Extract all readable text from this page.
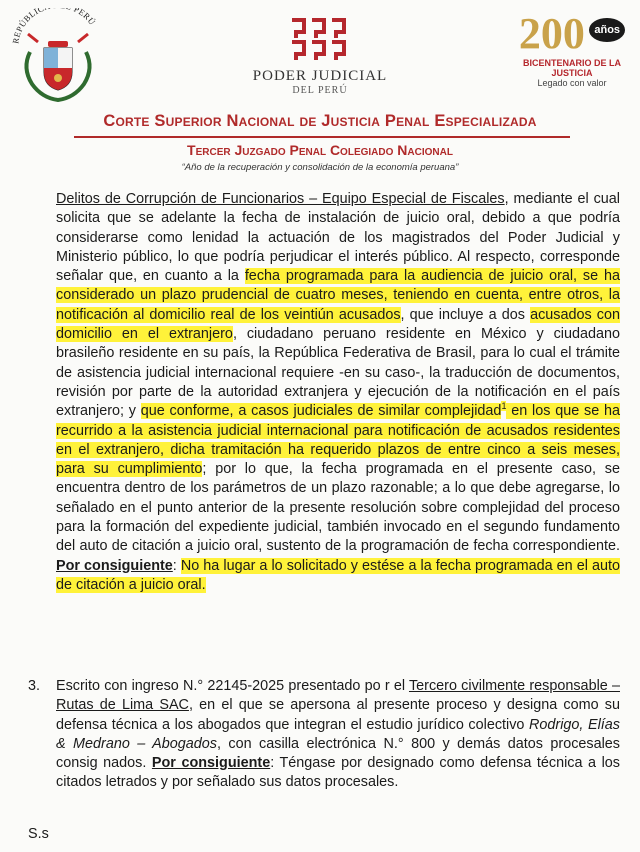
REPÚBLIC PERÚ
PODER JUDICIAL
DEL PERÚ
200 años
BICENTENARIO DE LA JUSTICIA
Legado con valor
Corte Superior Nacional de Justicia Penal Especializada
Tercer Juzgado Penal Colegiado Nacional
“Año de la recuperación y consolidación de la economía peruana”

Delitos de Corrupción de Funcionarios – Equipo Especial de Fiscales, mediante el cual solicita que se adelante la fecha de instalación de juicio oral, debido a que podría considerarse como lenidad la actuación de los magistrados del Poder Judicial y Ministerio público, lo que podría perjudicar el interés público. Al respecto, corresponde señalar que, en cuanto a la fecha programada para la audiencia de juicio oral, se ha considerado un plazo prudencial de cuatro meses, teniendo en cuenta, entre otros, la notificación al domicilio real de los veintiún acusados, que incluye a dos acusados con domicilio en el extranjero, ciudadano peruano residente en México y ciudadano brasileño residente en su país, la República Federativa de Brasil, para lo cual el trámite de asistencia judicial internacional requiere -en su caso-, la traducción de documentos, revisión por parte de la autoridad extranjera y ejecución de la notificación en el país extranjero; y que conforme, a casos judiciales de similar complejidad$^1$ en los que se ha recurrido a la asistencia judicial internacional para notificación de acusados residentes en el extranjero, dicha tramitación ha requerido plazos de entre cinco a seis meses, para su cumplimiento; por lo que, la fecha programada en el presente caso, se encuentra dentro de los parámetros de un plazo razonable; a lo que debe agregarse, lo señalado en el punto anterior de la presente resolución sobre complejidad del proceso para la formación del expediente judicial, también invocado en el segundo fundamento del auto de citación a juicio oral, sustento de la programación de fecha correspondiente. Por consiguiente: No ha lugar a lo solicitado y estése a la fecha programada en el auto de citación a juicio oral.

3.	Escrito con ingreso N.° 22145-2025 presentado po r el Tercero civilmente responsable – Rutas de Lima SAC, en el que se apersona al presente proceso y designa como su defensa técnica a los abogados que integran el estudio jurídico colectivo Rodrigo, Elías & Medrano – Abogados, con casilla electrónica N.° 800 y demás datos procesales consig nados. Por consiguiente: Téngase por designado como defensa técnica a los citados letrados y por señalado sus datos procesales.
S.s
